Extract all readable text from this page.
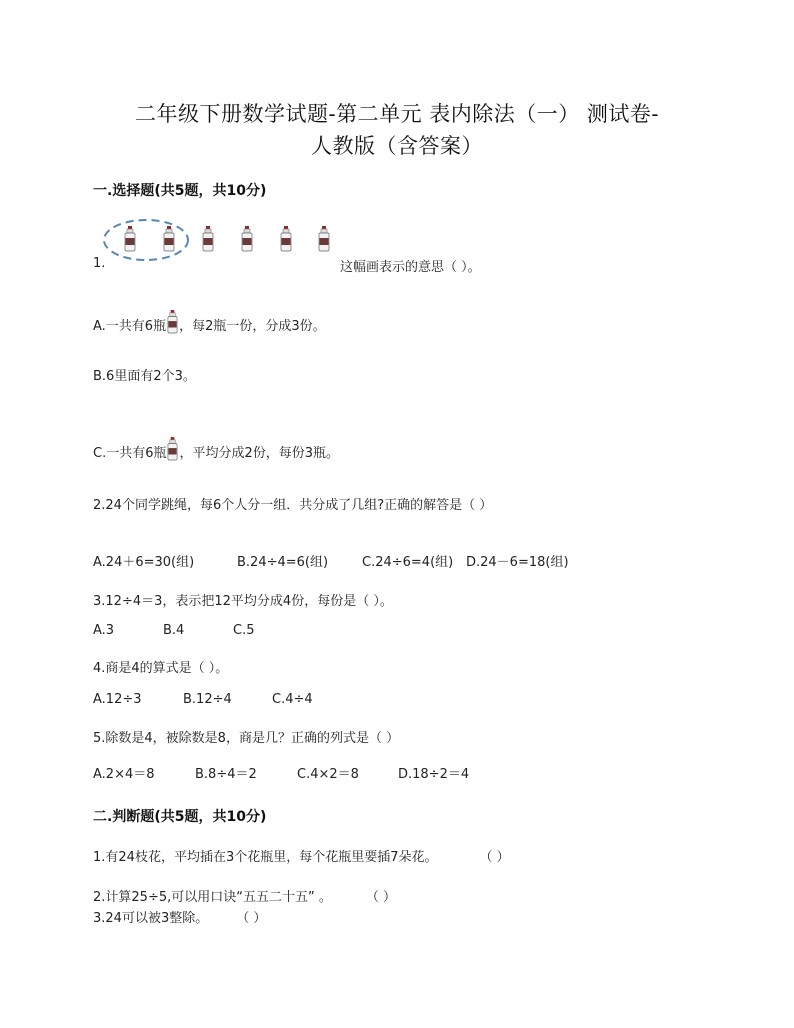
二年级下册数学试题-第二单元 表内除法（一） 测试卷-
人教版（含答案）
一.选择题(共5题，共10分)
1.	这幅画表示的意思（ ）。
A.一共有6瓶 ，每2瓶一份，分成3份。
B.6里面有2个3。
C.一共有6瓶 ，平均分成2份，每份3瓶。
2.24个同学跳绳，每6个人分一组．共分成了几组?正确的解答是（ ）
A.24＋6=30(组)	B.24÷4=6(组)	C.24÷6=4(组) D.24－6=18(组)
3.12÷4＝3，表示把12平均分成4份，每份是（ ）。
A.3	B.4	C.5
4.商是4的算式是（ ）。
A.12÷3	B.12÷4	C.4÷4
5.除数是4，被除数是8，商是几？正确的列式是（ ）
A.2×4＝8	B.8÷4＝2	C.4×2＝8	D.18÷2＝4
二.判断题(共5题，共10分)
1.有24枝花，平均插在3个花瓶里，每个花瓶里要插7朵花。	（ ）
2.计算25÷5,可以用口诀“五五二十五” 。	（ ）
3.24可以被3整除。 （ ）
